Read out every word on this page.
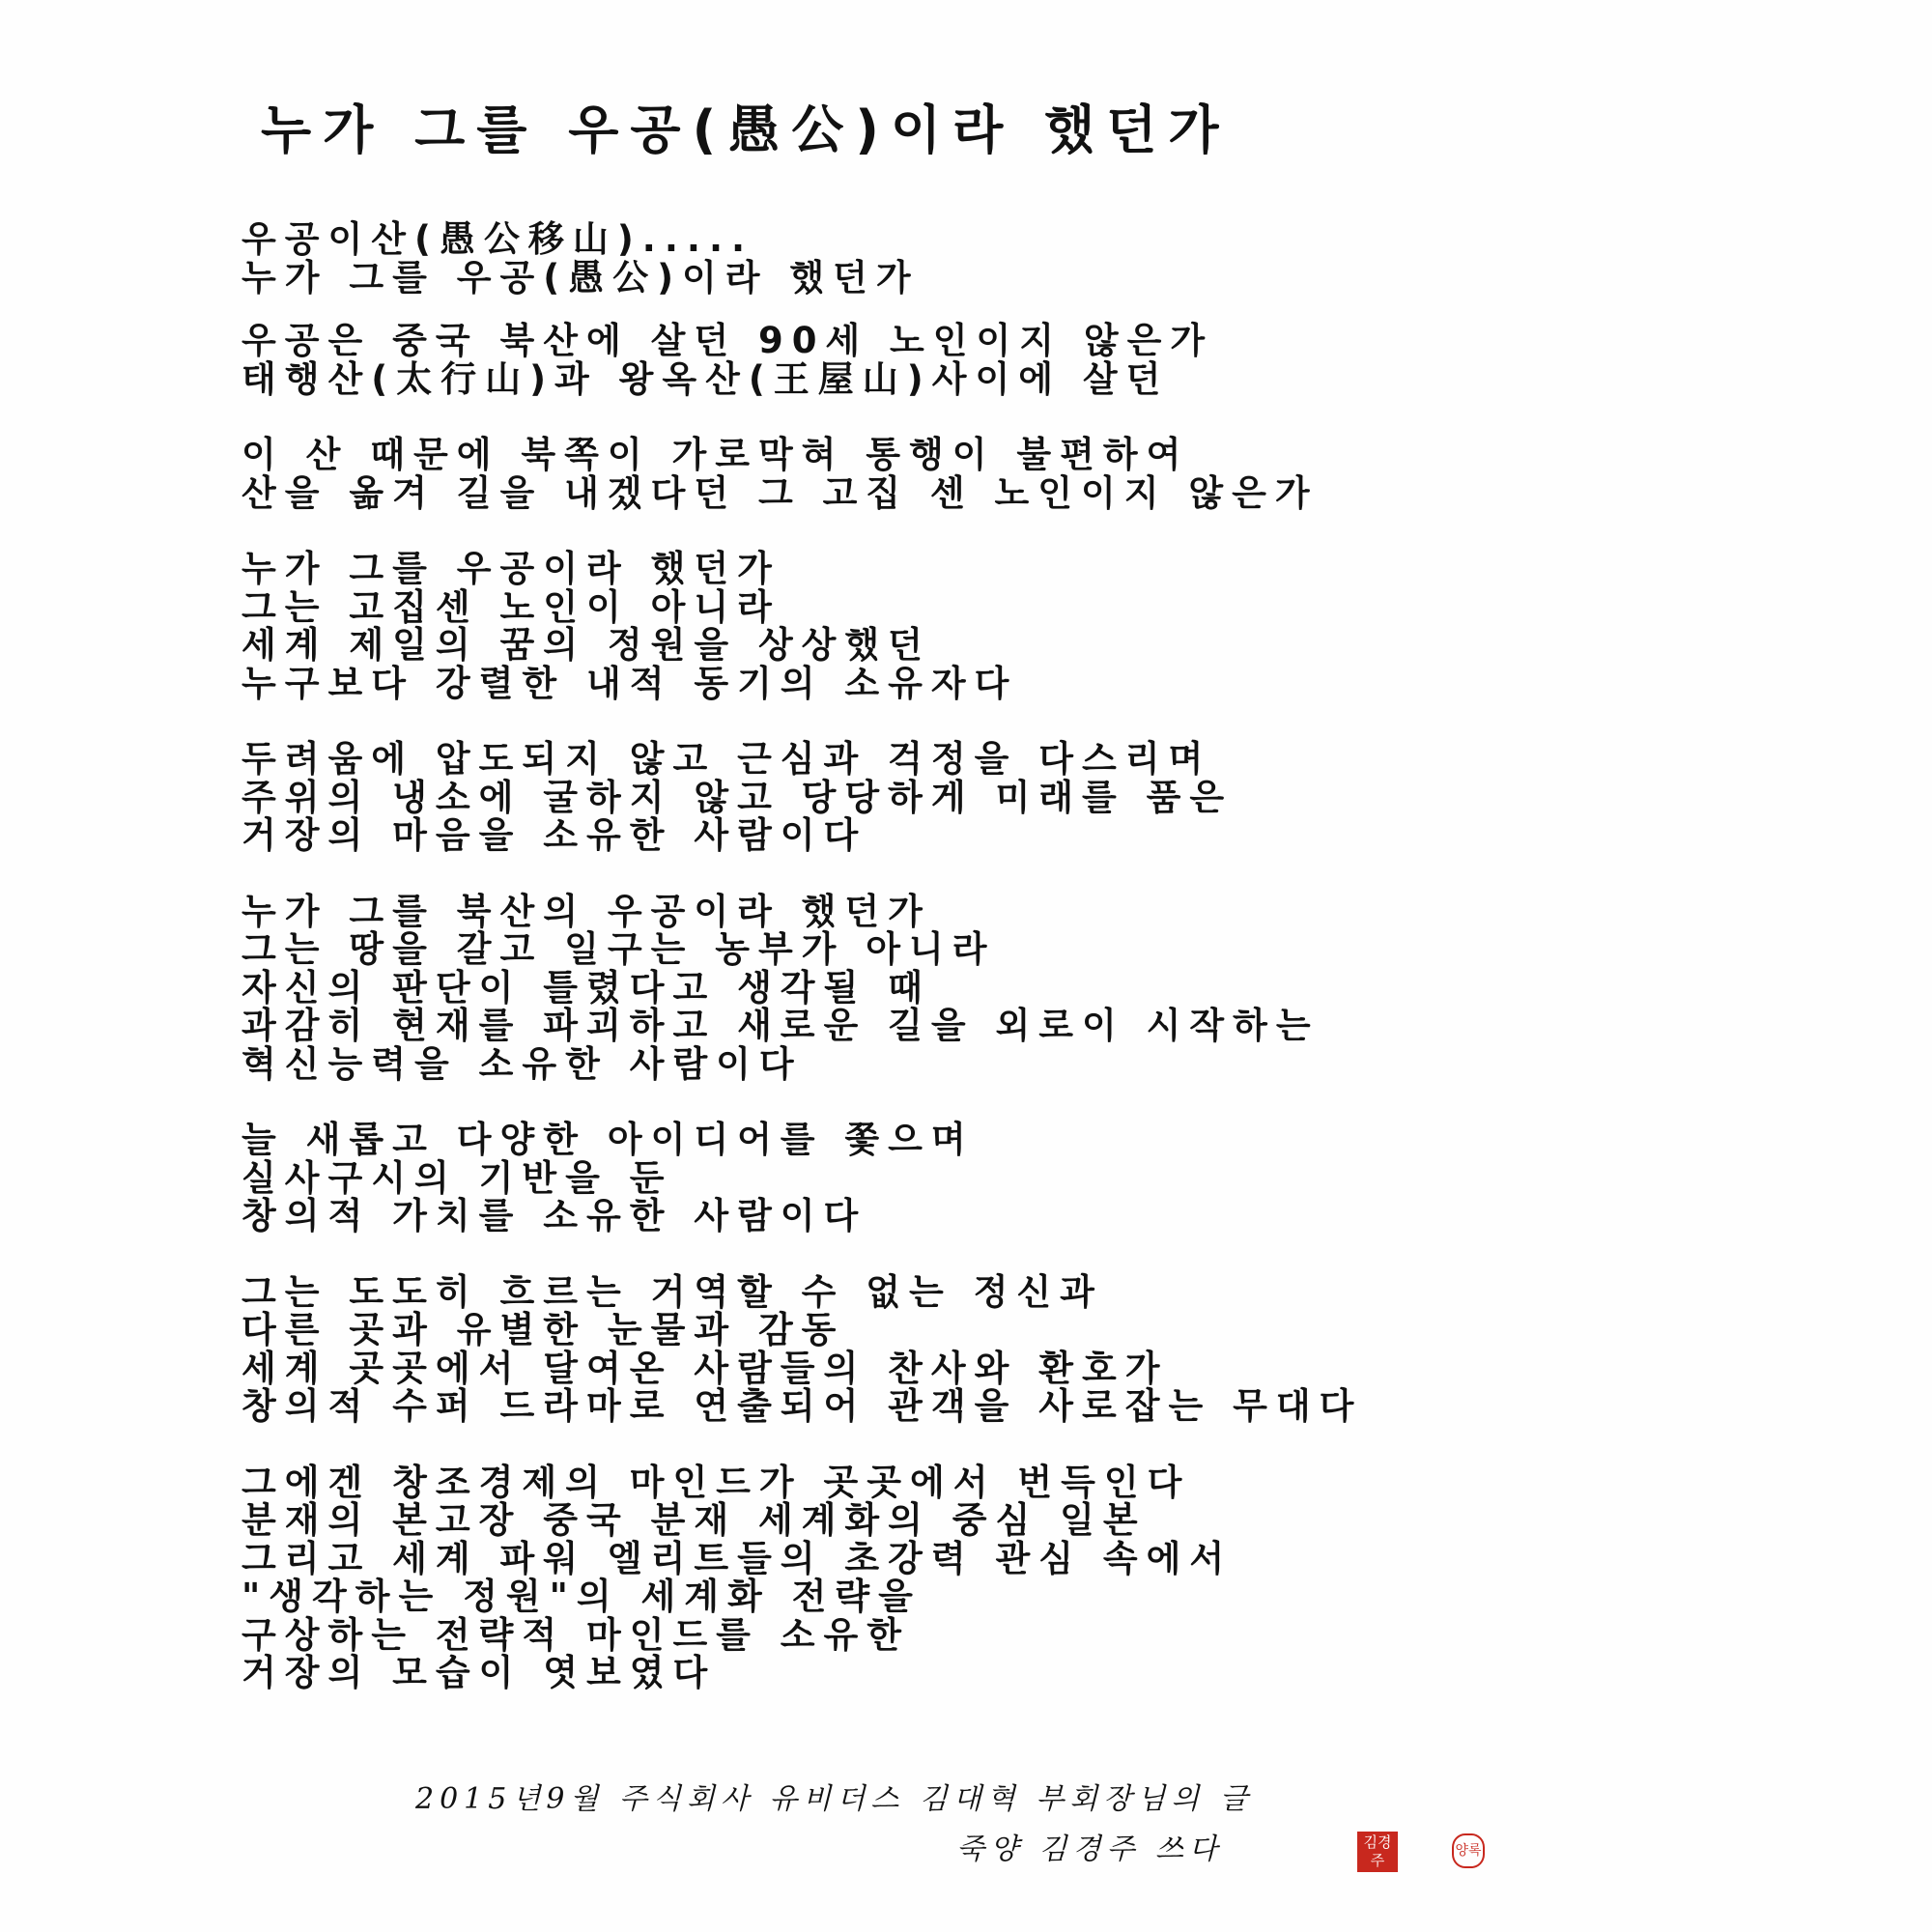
누가 그를 우공(愚公)이라 했던가
우공이산(愚公移山).....
누가 그를 우공(愚公)이라 했던가
우공은 중국 북산에 살던 90세 노인이지 않은가
태행산(太行山)과 왕옥산(王屋山)사이에 살던
이 산 때문에 북쪽이 가로막혀 통행이 불편하여
산을 옮겨 길을 내겠다던 그 고집 센 노인이지 않은가
누가 그를 우공이라 했던가
그는 고집센 노인이 아니라
세계 제일의 꿈의 정원을 상상했던
누구보다 강렬한 내적 동기의 소유자다
두려움에 압도되지 않고 근심과 걱정을 다스리며
주위의 냉소에 굴하지 않고 당당하게 미래를 품은
거장의 마음을 소유한 사람이다
누가 그를 북산의 우공이라 했던가
그는 땅을 갈고 일구는 농부가 아니라
자신의 판단이 틀렸다고 생각될 때
과감히 현재를 파괴하고 새로운 길을 외로이 시작하는
혁신능력을 소유한 사람이다
늘 새롭고 다양한 아이디어를 쫓으며
실사구시의 기반을 둔
창의적 가치를 소유한 사람이다
그는 도도히 흐르는 거역할 수 없는 정신과
다른 곳과 유별한 눈물과 감동
세계 곳곳에서 달여온 사람들의 찬사와 환호가
창의적 수퍼 드라마로 연출되어 관객을 사로잡는 무대다
그에겐 창조경제의 마인드가 곳곳에서 번득인다
분재의 본고장 중국 분재 세계화의 중심 일본
그리고 세계 파워 엘리트들의 초강력 관심 속에서
"생각하는 정원"의 세계화 전략을
구상하는 전략적 마인드를 소유한
거장의 모습이 엿보였다
2015년9월 주식회사 유비더스 김대혁 부회장님의 글
죽양 김경주 쓰다	김경주
양록
